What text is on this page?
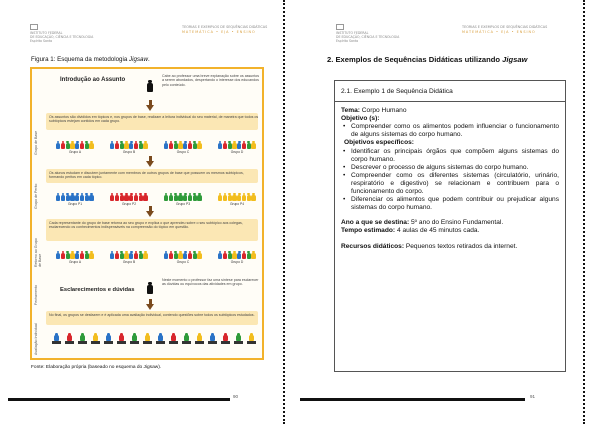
INSTITUTO FEDERAL
DE EDUCAÇÃO, CIÊNCIA E TECNOLOGIA
Espírito Santo
TEORIAS E EXEMPLOS DE SEQUÊNCIAS DIDÁTICAS
MATEMÁTICA • EJA • ENSINO
Figura 1: Esquema da metodologia Jigsaw.
Introdução ao Assunto
Cabe ao professor uma breve explanação sobre os assuntos a serem abordados, despertando o interesse dos educandos pelo conteúdo.
Os assuntos são divididos em tópicos e, nos grupos de base, realizam a leitura individual do seu material, de maneira que todos os subtópicos estejam contidos em cada grupo.
Grupo de Base
Os alunos estudam e discutem juntamente com membros de outros grupos de base que possuem os mesmos subtópicos, formando peritos em cada tópico.
Grupo de Perito
Cada representante do grupo de base retorna ao seu grupo e explica o que aprendeu sobre o seu subtópico aos colegas, esclarecendo os conhecimentos indispensáveis na compreensão do tópico em questão.
Retorno ao Grupo de Base
Esclarecimentos e dúvidas
Neste momento o professor faz uma síntese para esclarecer as dúvidas ou equívocos das atividades em grupo.
Fechamento
No final, os grupos se desfazem e é aplicada uma avaliação individual, contendo questões sobre todos os subtópicos estudados.
Avaliação Individual
Grupo A	Grupo B	Grupo C	Grupo D
Grupo P1	Grupo P2	Grupo P3	Grupo P4
Grupo A	Grupo B	Grupo C	Grupo D
Fonte: Elaboração própria (baseado no esquema do Jigsaw).
90
INSTITUTO FEDERAL
DE EDUCAÇÃO, CIÊNCIA E TECNOLOGIA
Espírito Santo
TEORIAS E EXEMPLOS DE SEQUÊNCIAS DIDÁTICAS
MATEMÁTICA • EJA • ENSINO
2. Exemplos de Sequências Didáticas utilizando Jigsaw
2.1. Exemplo 1 de Sequência Didática
Tema: Corpo Humano
Objetivo (s):
• Compreender como os alimentos podem influenciar o funcionamento de alguns sistemas do corpo humano.
Objetivos específicos:
• Identificar os principais órgãos que compõem alguns sistemas do corpo humano.
• Descrever o processo de alguns sistemas do corpo humano.
• Compreender como os diferentes sistemas (circulatório, urinário, respiratório e digestivo) se relacionam e contribuem para o funcionamento do corpo.
• Diferenciar os alimentos que podem contribuir ou prejudicar alguns sistemas do corpo humano.
Ano a que se destina: 5º ano do Ensino Fundamental.
Tempo estimado: 4 aulas de 45 minutos cada.
Recursos didáticos: Pequenos textos retirados da internet.
91
